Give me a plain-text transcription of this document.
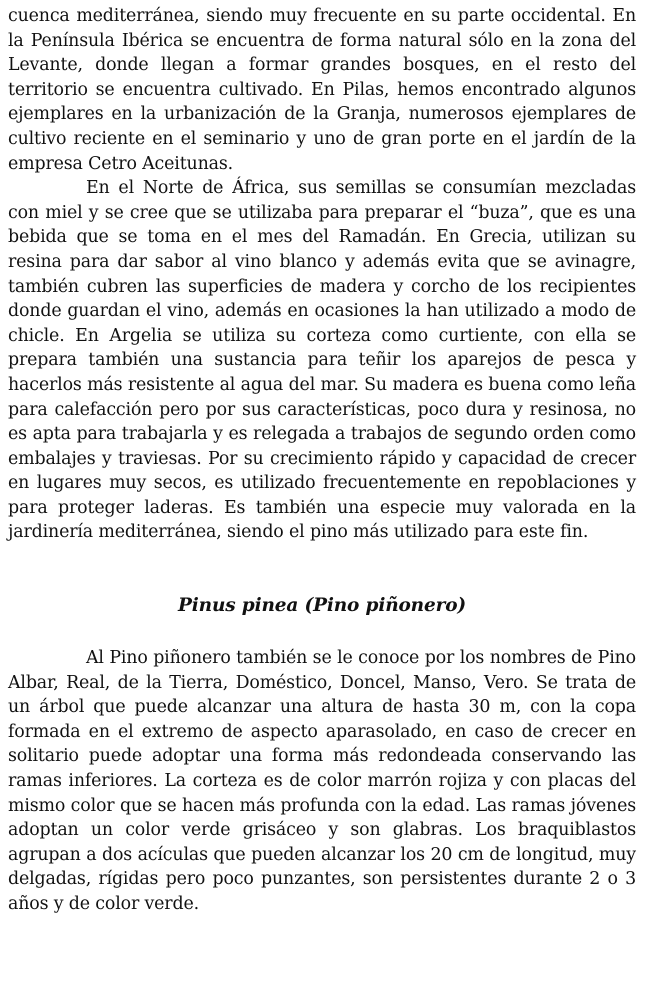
cuenca mediterránea, siendo muy frecuente en su parte occidental. En la Península Ibérica se encuentra de forma natural sólo en la zona del Levante, donde llegan a formar grandes bosques, en el resto del territorio se encuentra cultivado. En Pilas, hemos encontrado algunos ejemplares en la urbanización de la Granja, numerosos ejemplares de cultivo reciente en el seminario y uno de gran porte en el jardín de la empresa Cetro Aceitunas.

En el Norte de África, sus semillas se consumían mezcladas con miel y se cree que se utilizaba para preparar el “buza”, que es una bebida que se toma en el mes del Ramadán. En Grecia, utilizan su resina para dar sabor al vino blanco y además evita que se avinagre, también cubren las superficies de madera y corcho de los recipientes donde guardan el vino, además en ocasiones la han utilizado a modo de chicle. En Argelia se utiliza su corteza como curtiente, con ella se prepara también una sustancia para teñir los aparejos de pesca y hacerlos más resistente al agua del mar. Su madera es buena como leña para calefacción pero por sus características, poco dura y resinosa, no es apta para trabajarla y es relegada a trabajos de segundo orden como embalajes y traviesas. Por su crecimiento rápido y capacidad de crecer en lugares muy secos, es utilizado frecuentemente en repoblaciones y para proteger laderas. Es también una especie muy valorada en la jardinería mediterránea, siendo el pino más utilizado para este fin.

Pinus pinea (Pino piñonero)

Al Pino piñonero también se le conoce por los nombres de Pino Albar, Real, de la Tierra, Doméstico, Doncel, Manso, Vero. Se trata de un árbol que puede alcanzar una altura de hasta 30 m, con la copa formada en el extremo de aspecto aparasolado, en caso de crecer en solitario puede adoptar una forma más redondeada conservando las ramas inferiores. La corteza es de color marrón rojiza y con placas del mismo color que se hacen más profunda con la edad. Las ramas jóvenes adoptan un color verde grisáceo y son glabras. Los braquiblastos agrupan a dos acículas que pueden alcanzar los 20 cm de longitud, muy delgadas, rígidas pero poco punzantes, son persistentes durante 2 o 3 años y de color verde.
